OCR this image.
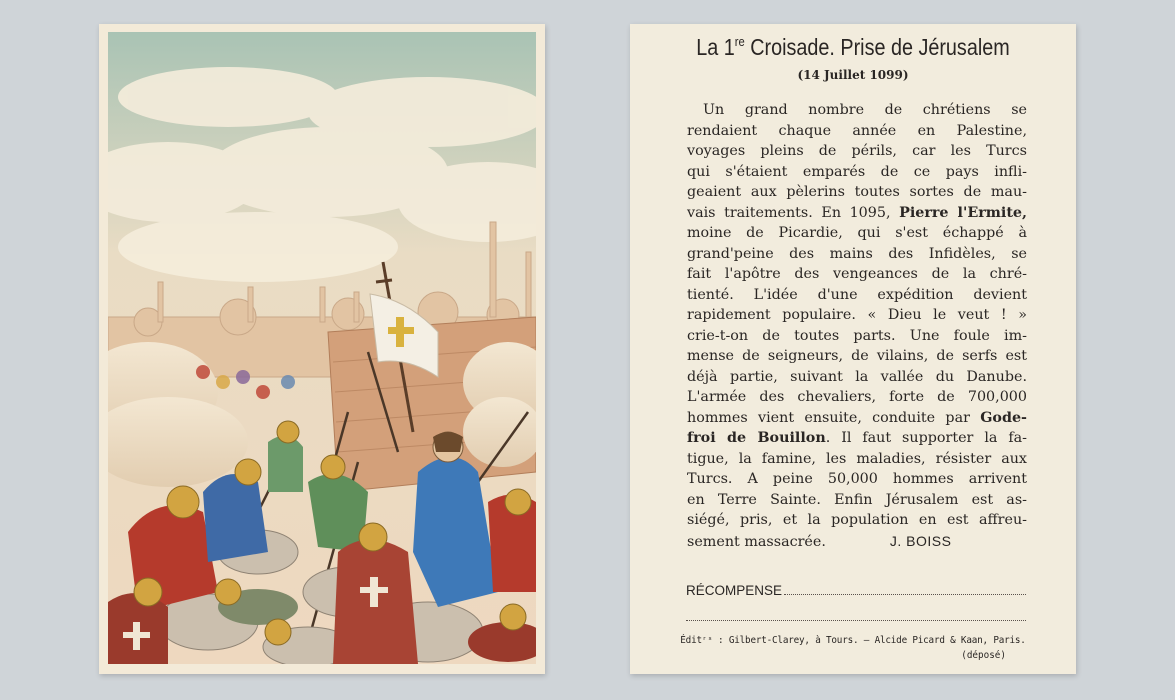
La 1re Croisade. Prise de Jérusalem
(14 Juillet 1099)
Un grand nombre de chrétiens se
rendaient chaque année en Palestine,
voyages pleins de périls, car les Turcs
qui s'étaient emparés de ce pays infli-
geaient aux pèlerins toutes sortes de mau-
vais traitements. En 1095, Pierre l'Ermite,
moine de Picardie, qui s'est échappé à
grand'peine des mains des Infidèles, se
fait l'apôtre des vengeances de la chré-
tienté. L'idée d'une expédition devient
rapidement populaire. « Dieu le veut ! »
crie-t-on de toutes parts. Une foule im-
mense de seigneurs, de vilains, de serfs est
déjà partie, suivant la vallée du Danube.
L'armée des chevaliers, forte de 700,000
hommes vient ensuite, conduite par Gode-
froi de Bouillon. Il faut supporter la fa-
tigue, la famine, les maladies, résister aux
Turcs. A peine 50,000 hommes arrivent
en Terre Sainte. Enfin Jérusalem est as-
siégé, pris, et la population en est affreu-
sement massacrée.	J. BOISS
RÉCOMPENSE
Éditʳˢ : Gilbert-Clarey, à Tours. — Alcide Picard & Kaan, Paris.
(déposé)
